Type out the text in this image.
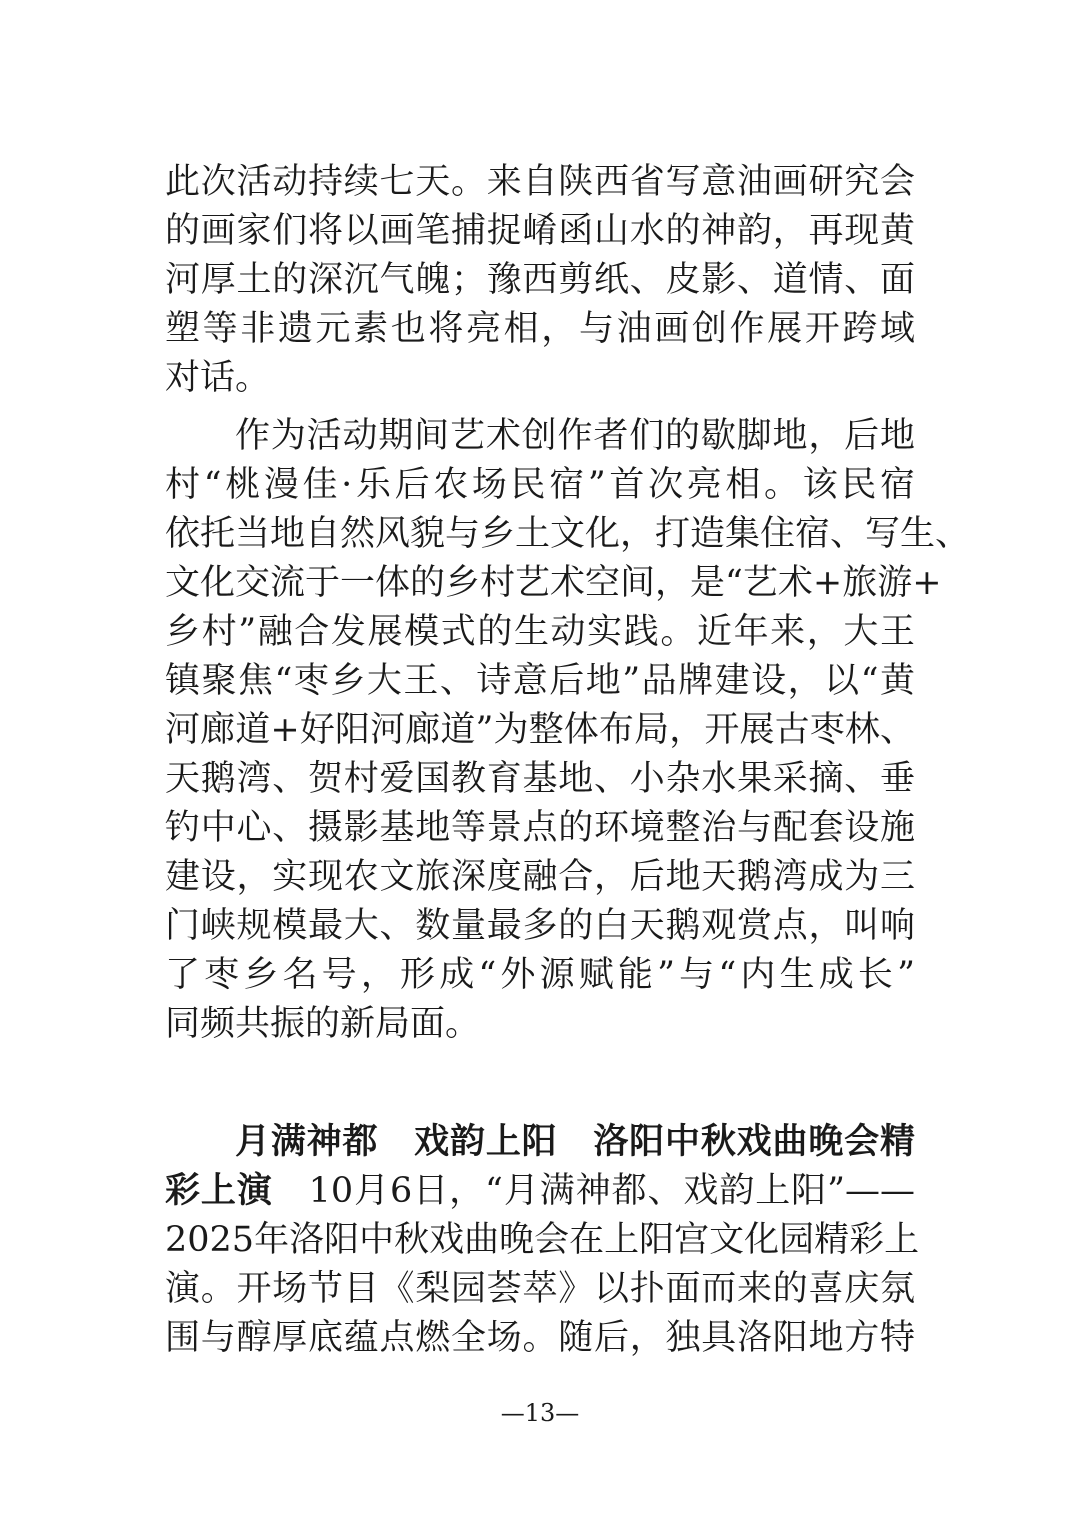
此次活动持续七天。来自陕西省写意油画研究会
的画家们将以画笔捕捉崤函山水的神韵，再现黄
河厚土的深沉气魄；豫西剪纸、皮影、道情、面
塑等非遗元素也将亮相，与油画创作展开跨域
对话。
作为活动期间艺术创作者们的歇脚地，后地
村“桃漫佳·乐后农场民宿”首次亮相。该民宿
依托当地自然风貌与乡土文化，打造集住宿、写生、
文化交流于一体的乡村艺术空间，是“艺术+旅游+
乡村”融合发展模式的生动实践。近年来，大王
镇聚焦“枣乡大王、诗意后地”品牌建设，以“黄
河廊道+好阳河廊道”为整体布局，开展古枣林、
天鹅湾、贺村爱国教育基地、小杂水果采摘、垂
钓中心、摄影基地等景点的环境整治与配套设施
建设，实现农文旅深度融合，后地天鹅湾成为三
门峡规模最大、数量最多的白天鹅观赏点，叫响
了枣乡名号，形成“外源赋能”与“内生成长”
同频共振的新局面。
月满神都　戏韵上阳　洛阳中秋戏曲晚会精
彩上演　10月6日，“月满神都、戏韵上阳”——
2025年洛阳中秋戏曲晚会在上阳宫文化园精彩上
演。开场节目《梨园荟萃》以扑面而来的喜庆氛
围与醇厚底蕴点燃全场。随后，独具洛阳地方特
—13—
